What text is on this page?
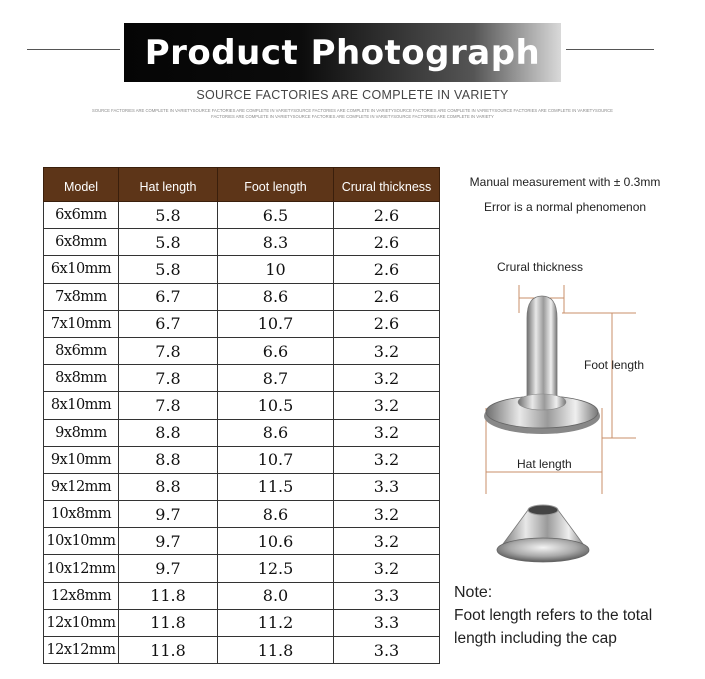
Product Photograph
SOURCE FACTORIES ARE COMPLETE IN VARIETY
SOURCE FACTORIES ARE COMPLETE IN VARIETYSOURCE FACTORIES ARE COMPLETE IN VARIETYSOURCE FACTORIES ARE COMPLETE IN VARIETYSOURCE FACTORIES ARE COMPLETE IN VARIETYSOURCE FACTORIES ARE COMPLETE IN VARIETYSOURCE
FACTORIES ARE COMPLETE IN VARIETYSOURCE FACTORIES ARE COMPLETE IN VARIETYSOURCE FACTORIES ARE COMPLETE IN VARIETY
Model	Hat length	Foot length	Crural thickness
6x6mm	5.8	6.5	2.6
6x8mm	5.8	8.3	2.6
6x10mm	5.8	10	2.6
7x8mm	6.7	8.6	2.6
7x10mm	6.7	10.7	2.6
8x6mm	7.8	6.6	3.2
8x8mm	7.8	8.7	3.2
8x10mm	7.8	10.5	3.2
9x8mm	8.8	8.6	3.2
9x10mm	8.8	10.7	3.2
9x12mm	8.8	11.5	3.3
10x8mm	9.7	8.6	3.2
10x10mm	9.7	10.6	3.2
10x12mm	9.7	12.5	3.2
12x8mm	11.8	8.0	3.3
12x10mm	11.8	11.2	3.3
12x12mm	11.8	11.8	3.3
Manual measurement with ± 0.3mm
Error is a normal phenomenon
Crural thickness
Foot length
Hat length
Note:
Foot length refers to the total
length including the cap
